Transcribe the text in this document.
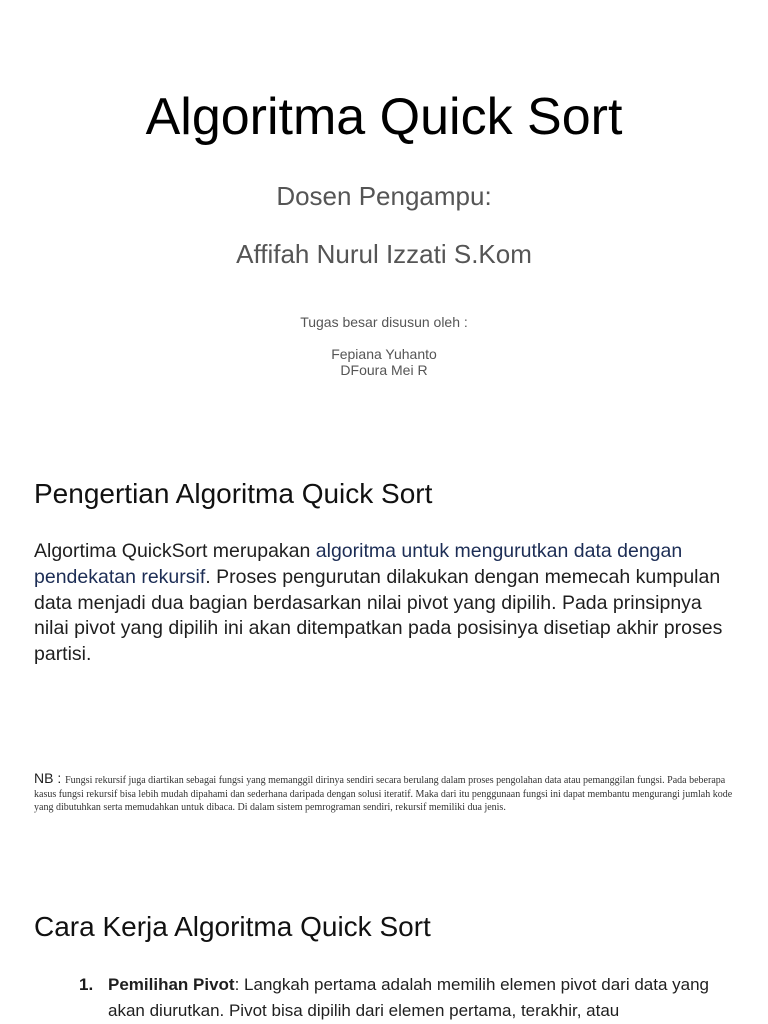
Algoritma Quick Sort

Dosen Pengampu:

Affifah Nurul Izzati S.Kom

Tugas besar disusun oleh :

Fepiana Yuhanto

DFoura Mei R

Pengertian Algoritma Quick Sort

Algortima QuickSort merupakan algoritma untuk mengurutkan data dengan pendekatan rekursif. Proses pengurutan dilakukan dengan memecah kumpulan data menjadi dua bagian berdasarkan nilai pivot yang dipilih. Pada prinsipnya nilai pivot yang dipilih ini akan ditempatkan pada posisinya disetiap akhir proses partisi.

NB : Fungsi rekursif juga diartikan sebagai fungsi yang memanggil dirinya sendiri secara berulang dalam proses pengolahan data atau pemanggilan fungsi. Pada beberapa kasus fungsi rekursif bisa lebih mudah dipahami dan sederhana daripada dengan solusi iteratif. Maka dari itu penggunaan fungsi ini dapat membantu mengurangi jumlah kode yang dibutuhkan serta memudahkan untuk dibaca. Di dalam sistem pemrograman sendiri, rekursif memiliki dua jenis.

Cara Kerja Algoritma Quick Sort
1. Pemilihan Pivot: Langkah pertama adalah memilih elemen pivot dari data yang akan diurutkan. Pivot bisa dipilih dari elemen pertama, terakhir, atau
